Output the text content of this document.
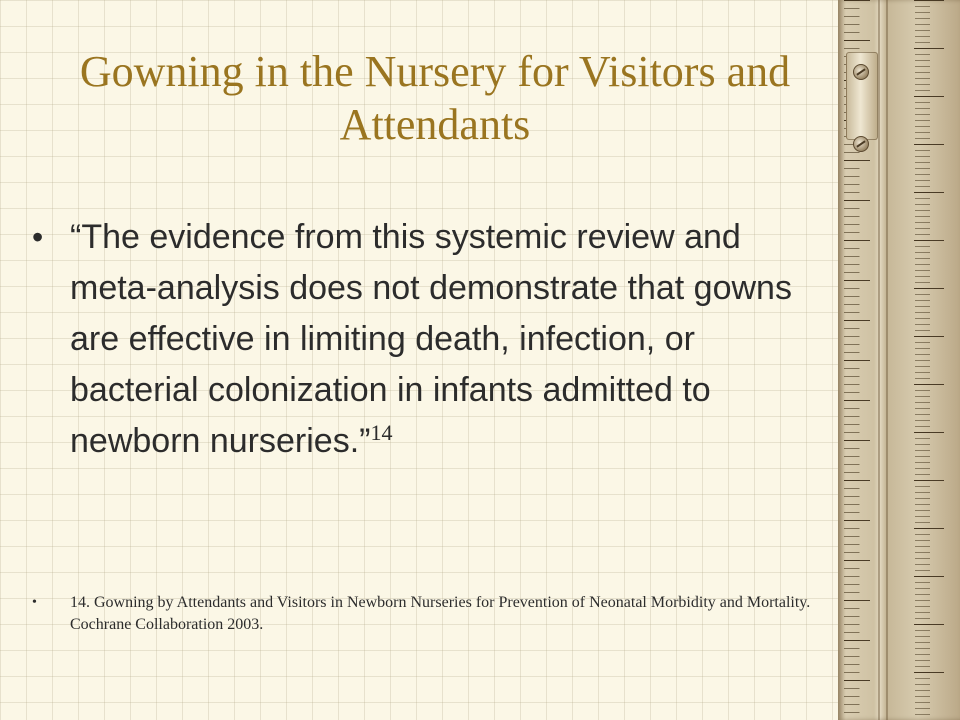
Gowning in the Nursery for Visitors and Attendants
• “The evidence from this systemic review and meta-analysis does not demonstrate that gowns are effective in limiting death, infection, or bacterial colonization in infants admitted to newborn nurseries.”$^{14}$
• 14. Gowning by Attendants and Visitors in Newborn Nurseries for Prevention of Neonatal Morbidity and Mortality. Cochrane Collaboration 2003.
